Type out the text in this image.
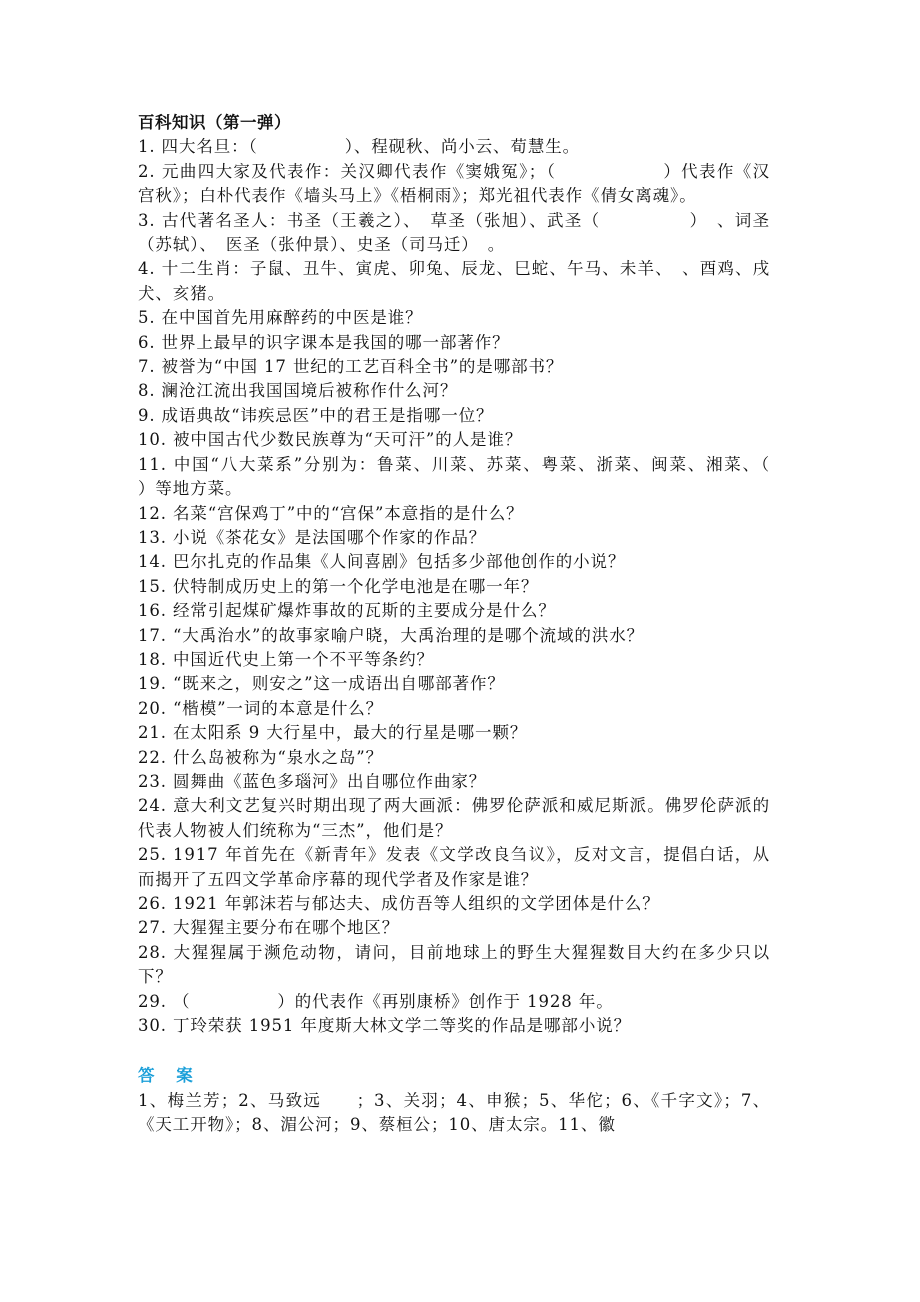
百科知识（第一弹）

1. 四大名旦：（　　　　　）、程砚秋、尚小云、荀慧生。

2. 元曲四大家及代表作：关汉卿代表作《窦娥冤》；（　　　　　　）代表作《汉宫秋》；白朴代表作《墙头马上》《梧桐雨》；郑光祖代表作《倩女离魂》。

3. 古代著名圣人：书圣（王羲之）、　草圣（张旭）、武圣（　　　　　）　、词圣（苏轼）、　医圣（张仲景）、史圣（司马迁）　。

4. 十二生肖：子鼠、丑牛、寅虎、卯兔、辰龙、巳蛇、午马、未羊、　、酉鸡、戌犬、亥猪。

5. 在中国首先用麻醉药的中医是谁？

6. 世界上最早的识字课本是我国的哪一部著作？

7. 被誉为“中国 17 世纪的工艺百科全书”的是哪部书？

8. 澜沧江流出我国国境后被称作什么河？

9. 成语典故“讳疾忌医”中的君王是指哪一位？

10. 被中国古代少数民族尊为“天可汗”的人是谁？

11. 中国“八大菜系”分别为：鲁菜、川菜、苏菜、粤菜、浙菜、闽菜、湘菜、（　　　　　）等地方菜。

12. 名菜“宫保鸡丁”中的“宫保”本意指的是什么？

13. 小说《茶花女》是法国哪个作家的作品？

14. 巴尔扎克的作品集《人间喜剧》包括多少部他创作的小说？

15. 伏特制成历史上的第一个化学电池是在哪一年？

16. 经常引起煤矿爆炸事故的瓦斯的主要成分是什么？

17. “大禹治水”的故事家喻户晓，大禹治理的是哪个流域的洪水？

18. 中国近代史上第一个不平等条约？

19. “既来之，则安之”这一成语出自哪部著作？

20. “楷模”一词的本意是什么？

21. 在太阳系 9 大行星中，最大的行星是哪一颗？

22. 什么岛被称为“泉水之岛”？

23. 圆舞曲《蓝色多瑙河》出自哪位作曲家？

24. 意大利文艺复兴时期出现了两大画派：佛罗伦萨派和威尼斯派。佛罗伦萨派的代表人物被人们统称为“三杰”，他们是？

25. 1917 年首先在《新青年》发表《文学改良刍议》，反对文言，提倡白话，从而揭开了五四文学革命序幕的现代学者及作家是谁？

26. 1921 年郭沫若与郁达夫、成仿吾等人组织的文学团体是什么？

27. 大猩猩主要分布在哪个地区？

28. 大猩猩属于濒危动物，请问，目前地球上的野生大猩猩数目大约在多少只以下？

29. （　　　　　）的代表作《再别康桥》创作于 1928 年。

30. 丁玲荣获 1951 年度斯大林文学二等奖的作品是哪部小说？

答 案

1、梅兰芳；2、马致远　　；3、关羽；4、申猴；5、华佗；6、《千字文》；7、《天工开物》；8、湄公河；9、蔡桓公；10、唐太宗。11、徽
